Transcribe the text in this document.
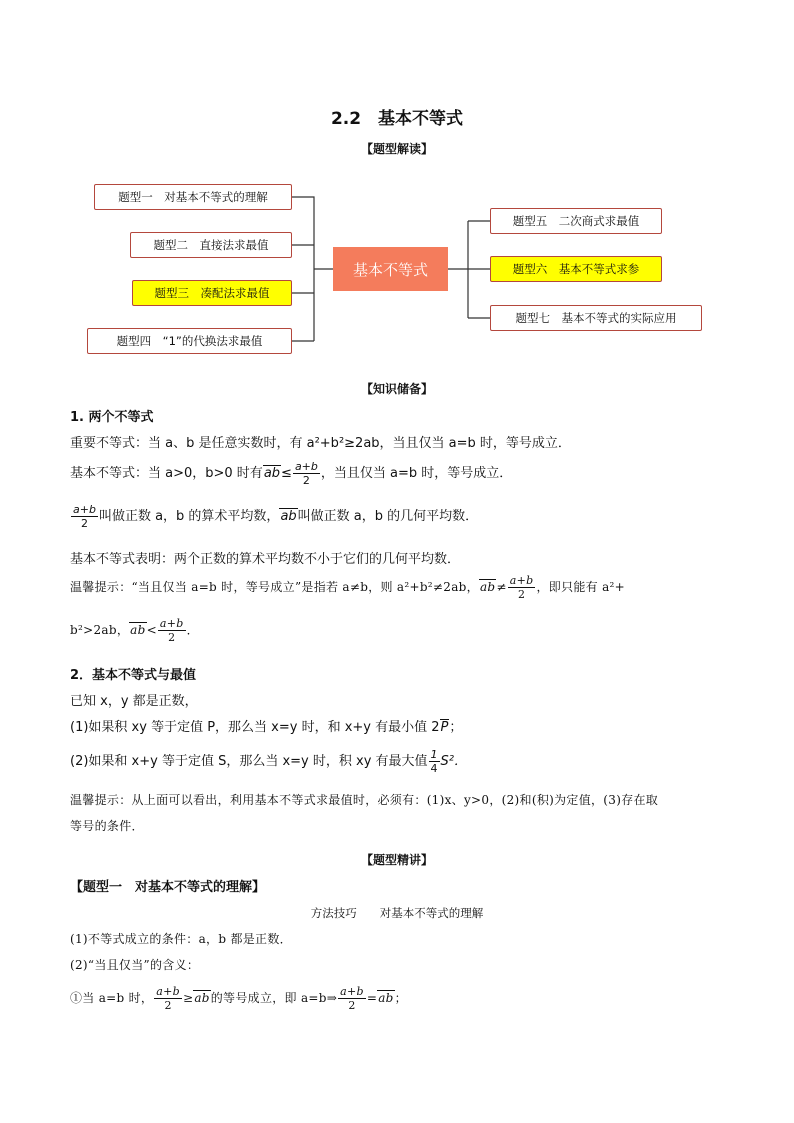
2.2　基本不等式
【题型解读】
题型一　对基本不等式的理解
题型二　直接法求最值
题型三　凑配法求最值
题型四　“1”的代换法求最值
基本不等式
题型五　二次商式求最值
题型六　基本不等式求参
题型七　基本不等式的实际应用
【知识储备】
1. 两个不等式
重要不等式：当 a、b 是任意实数时，有 a²+b²≥2ab，当且仅当 a=b 时，等号成立．
基本不等式：当 a>0，b>0 时有$ab\le \frac{a+b}{2}$ ，当且仅当 a=b 时，等号成立．
$\frac{a+b}{2}$ 叫做正数 a，b 的算术平均数，ab叫做正数 a，b 的几何平均数．
基本不等式表明：两个正数的算术平均数不小于它们的几何平均数．
温馨提示：“当且仅当 a=b 时，等号成立”是指若 a≠b，则 a²+b²≠2ab，$ab\ne \frac{a+b}{2}$ ，即只能有 a²+
b²>2ab，$ab< \frac{a+b}{2}$ ．
2．基本不等式与最值
已知 x，y 都是正数，
(1)如果积 xy 等于定值 P，那么当 x=y 时，和 x+y 有最小值 2P；
(2)如果和 x+y 等于定值 S，那么当 x=y 时，积 xy 有最大值 $\frac{1}{4} S^2$．
温馨提示：从上面可以看出，利用基本不等式求最值时，必须有：(1)x、y>0，(2)和(积)为定值，(3)存在取
等号的条件．
【题型精讲】
【题型一　对基本不等式的理解】
方法技巧　　对基本不等式的理解
(1)不等式成立的条件：a，b 都是正数．
(2)“当且仅当”的含义：
①当 a=b 时， $\frac{a+b}{2} \ge ab$的等号成立，即 a=b⇒ $\frac{a+b}{2} =ab$；
